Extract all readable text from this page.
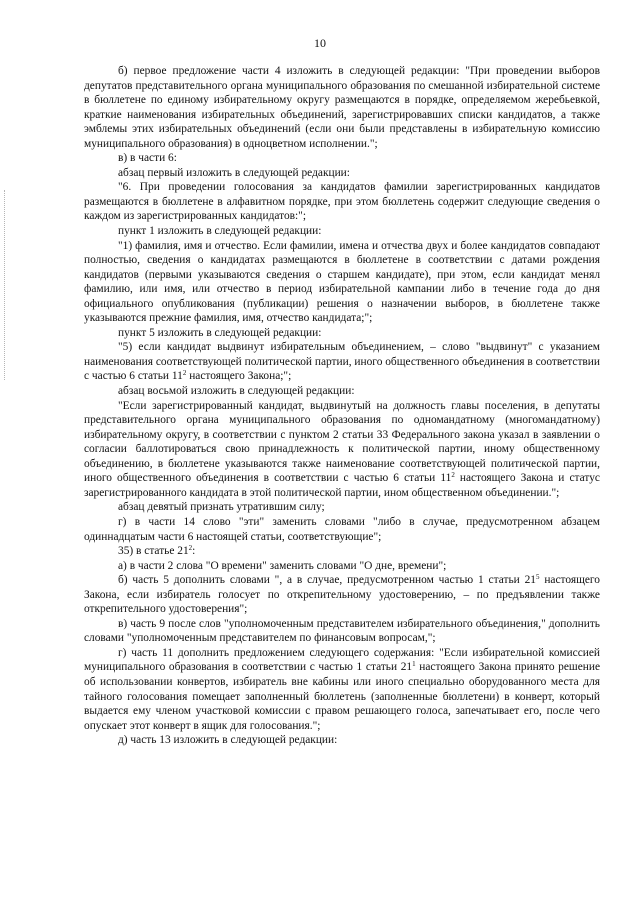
10

б) первое предложение части 4 изложить в следующей редакции: "При проведении выборов депутатов представительного органа муниципального образования по смешанной избирательной системе в бюллетене по единому избирательному округу размещаются в порядке, определяемом жеребьевкой, краткие наименования избирательных объединений, зарегистрировавших списки кандидатов, а также эмблемы этих избирательных объединений (если они были представлены в избирательную комиссию муниципального образования) в одноцветном исполнении.";

в) в части 6:

абзац первый изложить в следующей редакции:

"6. При проведении голосования за кандидатов фамилии зарегистрированных кандидатов размещаются в бюллетене в алфавитном порядке, при этом бюллетень содержит следующие сведения о каждом из зарегистрированных кандидатов:";

пункт 1 изложить в следующей редакции:

"1) фамилия, имя и отчество. Если фамилии, имена и отчества двух и более кандидатов совпадают полностью, сведения о кандидатах размещаются в бюллетене в соответствии с датами рождения кандидатов (первыми указываются сведения о старшем кандидате), при этом, если кандидат менял фамилию, или имя, или отчество в период избирательной кампании либо в течение года до дня официального опубликования (публикации) решения о назначении выборов, в бюллетене также указываются прежние фамилия, имя, отчество кандидата;";

пункт 5 изложить в следующей редакции:

"5) если кандидат выдвинут избирательным объединением, – слово "выдвинут" с указанием наименования соответствующей политической партии, иного общественного объединения в соответствии с частью 6 статьи $11^2$ настоящего Закона;";

абзац восьмой изложить в следующей редакции:

"Если зарегистрированный кандидат, выдвинутый на должность главы поселения, в депутаты представительного органа муниципального образования по одномандатному (многомандатному) избирательному округу, в соответствии с пунктом 2 статьи 33 Федерального закона указал в заявлении о согласии баллотироваться свою принадлежность к политической партии, иному общественному объединению, в бюллетене указываются также наименование соответствующей политической партии, иного общественного объединения в соответствии с частью 6 статьи $11^2$ настоящего Закона и статус зарегистрированного кандидата в этой политической партии, ином общественном объединении.";

абзац девятый признать утратившим силу;

г) в части 14 слово "эти" заменить словами "либо в случае, предусмотренном абзацем одиннадцатым части 6 настоящей статьи, соответствующие";

35) в статье $21^2$:

а) в части 2 слова "О времени" заменить словами "О дне, времени";

б) часть 5 дополнить словами ", а в случае, предусмотренном частью 1 статьи $21^5$ настоящего Закона, если избиратель голосует по открепительному удостоверению, – по предъявлении также открепительного удостоверения";

в) часть 9 после слов "уполномоченным представителем избирательного объединения," дополнить словами "уполномоченным представителем по финансовым вопросам,";

г) часть 11 дополнить предложением следующего содержания: "Если избирательной комиссией муниципального образования в соответствии с частью 1 статьи $21^1$ настоящего Закона принято решение об использовании конвертов, избиратель вне кабины или иного специально оборудованного места для тайного голосования помещает заполненный бюллетень (заполненные бюллетени) в конверт, который выдается ему членом участковой комиссии с правом решающего голоса, запечатывает его, после чего опускает этот конверт в ящик для голосования.";

д) часть 13 изложить в следующей редакции:
